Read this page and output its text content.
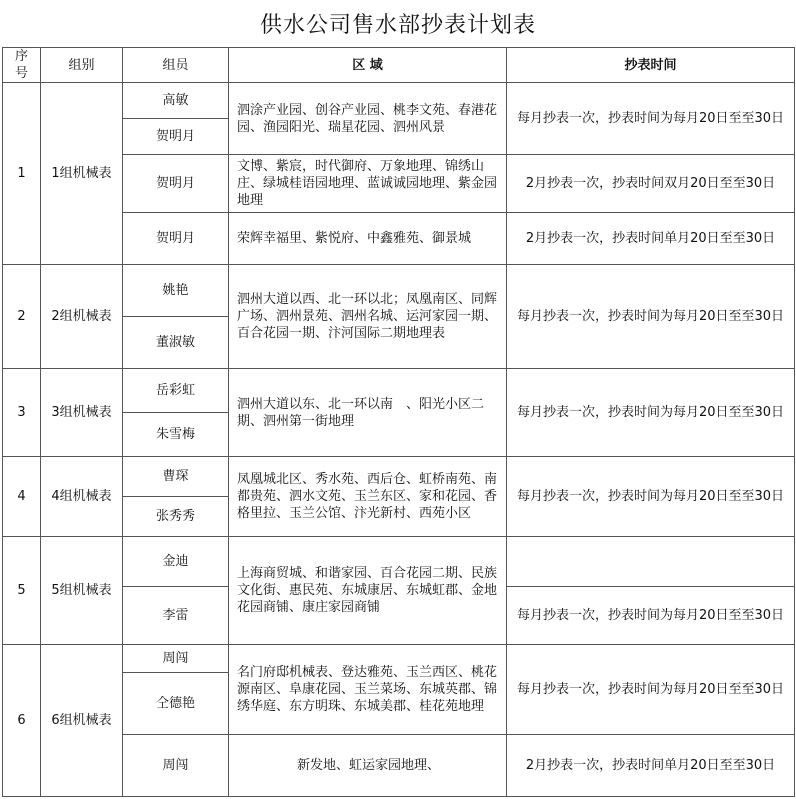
供水公司售水部抄表计划表
序号	组别	组员	区 域	抄表时间
1	1组机械表	高敏	泗涂产业园、创谷产业园、桃李文苑、春港花园、渔园阳光、瑞星花园、泗州风景	每月抄表一次，抄表时间为每月20日至至30日
		贺明月		
		贺明月	文博、紫宸，时代御府、万象地理、锦绣山庄、绿城桂语园地理、蓝诚诚园地理、紫金园地理	2月抄表一次，抄表时间双月20日至至30日
		贺明月	荣辉幸福里、紫悦府、中鑫雅苑、御景城	2月抄表一次，抄表时间单月20日至至30日
2	2组机械表	姚艳	泗州大道以西、北一环以北；凤凰南区、同辉广场、泗州景苑、泗州名城、运河家园一期、百合花园一期、汴河国际二期地理表	每月抄表一次，抄表时间为每月20日至至30日
		董淑敏		
3	3组机械表	岳彩虹	泗州大道以东、北一环以南　、阳光小区二期、泗州第一街地理	每月抄表一次，抄表时间为每月20日至至30日
		朱雪梅		
4	4组机械表	曹琛	凤凰城北区、秀水苑、西后仓、虹桥南苑、南都贵苑、泗水文苑、玉兰东区、家和花园、香格里拉、玉兰公馆、汴光新村、西苑小区	每月抄表一次，抄表时间为每月20日至至30日
		张秀秀		
5	5组机械表	金迪	上海商贸城、和谐家园、百合花园二期、民族文化街、惠民苑、东城康居、东城虹郡、金地花园商铺、康庄家园商铺	
		李雷		每月抄表一次，抄表时间为每月20日至至30日
6	6组机械表	周闯	名门府邸机械表、登达雅苑、玉兰西区、桃花源南区、阜康花园、玉兰菜场、东城英郡、锦绣华庭、东方明珠、东城美郡、桂花苑地理	每月抄表一次，抄表时间为每月20日至至30日
		仝德艳		
		周闯	新发地、虹运家园地理、	2月抄表一次，抄表时间单月20日至至30日
